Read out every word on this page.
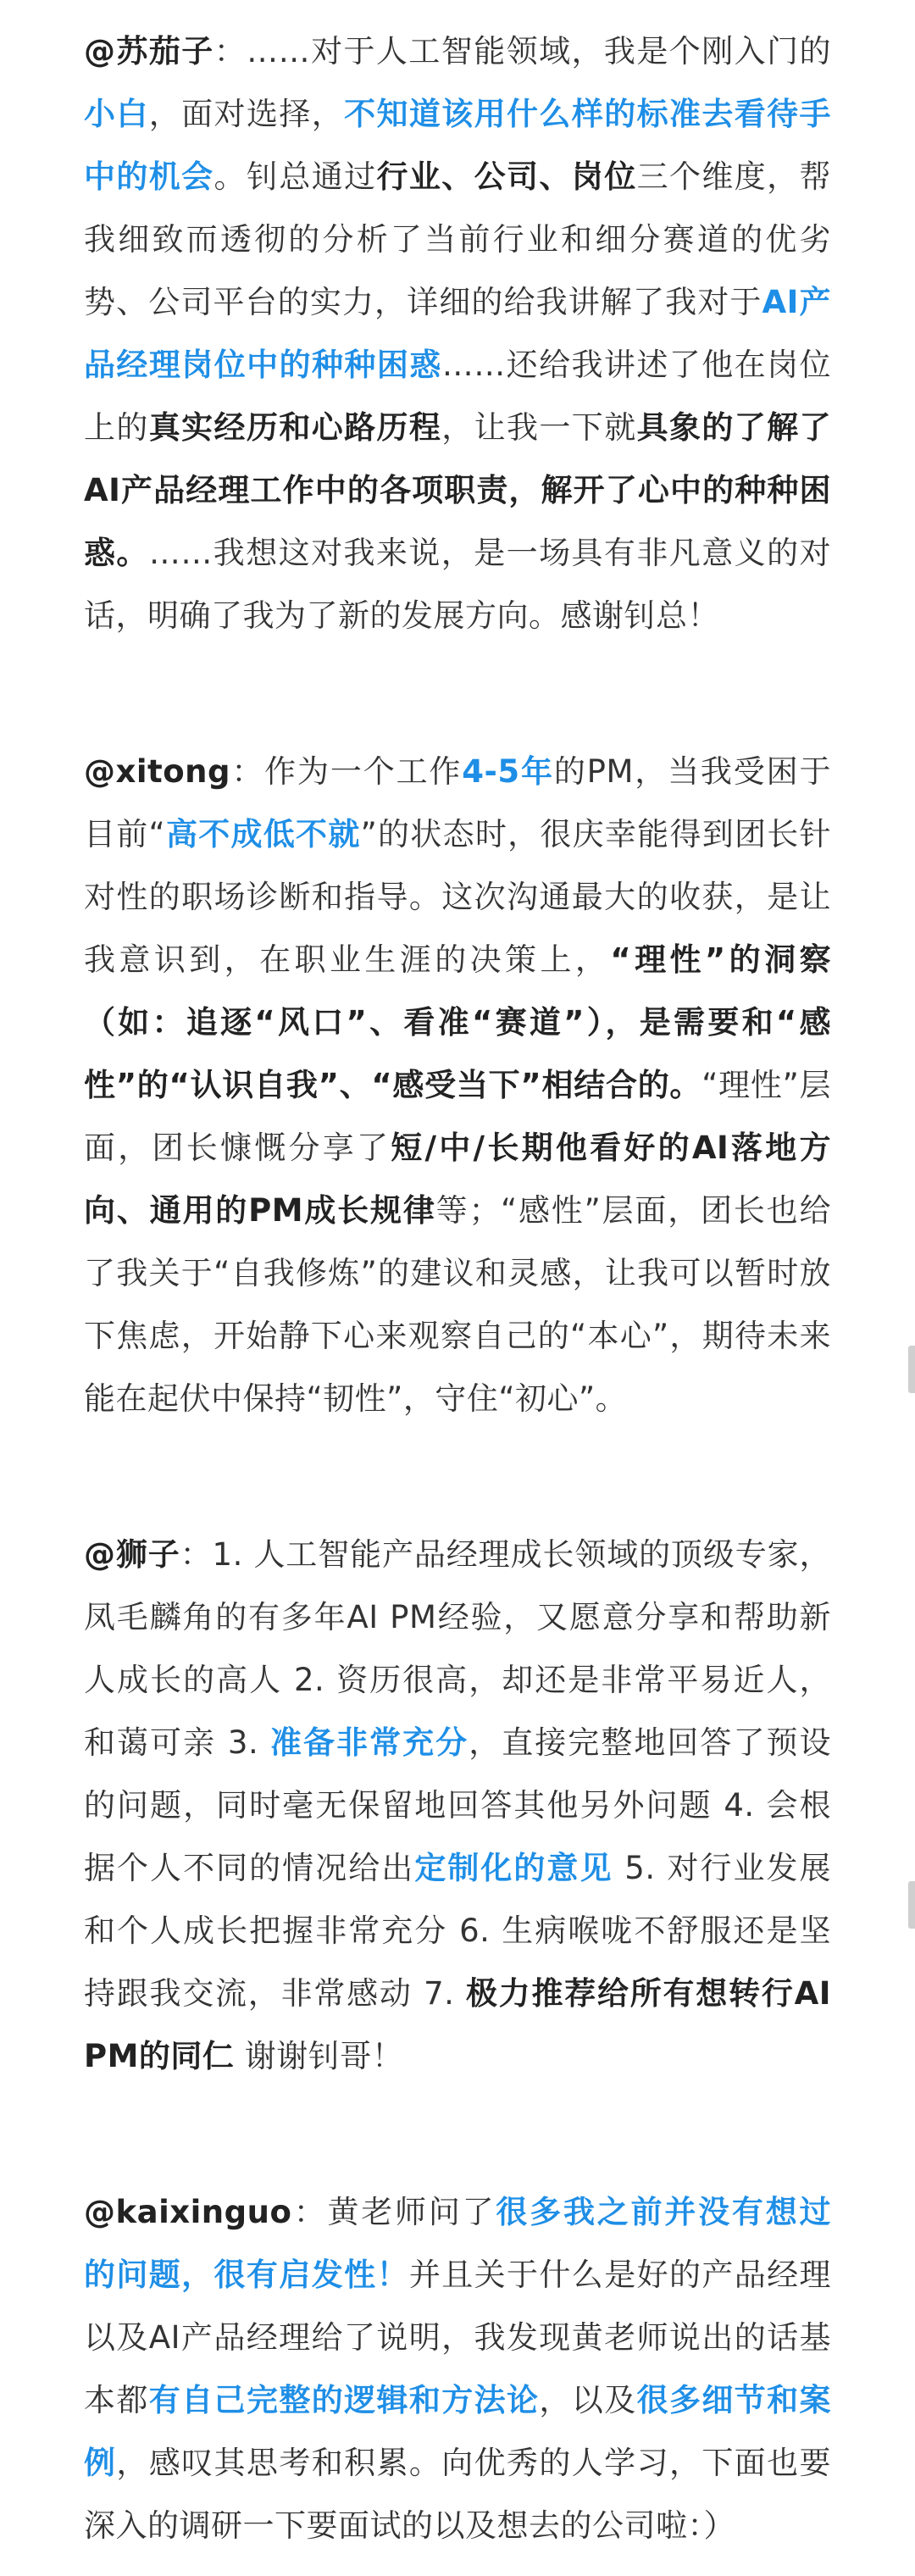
@苏茄子：……对于人工智能领域，我是个刚入门的小白，面对选择，不知道该用什么样的标准去看待手中的机会。钊总通过行业、公司、岗位三个维度，帮我细致而透彻的分析了当前行业和细分赛道的优劣势、公司平台的实力，详细的给我讲解了我对于AI产品经理岗位中的种种困惑……还给我讲述了他在岗位上的真实经历和心路历程，让我一下就具象的了解了AI产品经理工作中的各项职责，解开了心中的种种困惑。……我想这对我来说，是一场具有非凡意义的对话，明确了我为了新的发展方向。感谢钊总！

@xitong：作为一个工作4-5年的PM，当我受困于目前“高不成低不就”的状态时，很庆幸能得到团长针对性的职场诊断和指导。这次沟通最大的收获，是让我意识到，在职业生涯的决策上，“理性”的洞察（如：追逐“风口”、看准“赛道”），是需要和“感性”的“认识自我”、“感受当下”相结合的。“理性”层面，团长慷慨分享了短/中/长期他看好的AI落地方向、通用的PM成长规律等；“感性”层面，团长也给了我关于“自我修炼”的建议和灵感，让我可以暂时放下焦虑，开始静下心来观察自己的“本心”，期待未来能在起伏中保持“韧性”，守住“初心”。

@狮子：1. 人工智能产品经理成长领域的顶级专家，凤毛麟角的有多年AI PM经验，又愿意分享和帮助新人成长的高人 2. 资历很高，却还是非常平易近人，和蔼可亲 3. 准备非常充分，直接完整地回答了预设的问题，同时毫无保留地回答其他另外问题 4. 会根据个人不同的情况给出定制化的意见 5. 对行业发展和个人成长把握非常充分 6. 生病喉咙不舒服还是坚持跟我交流，非常感动 7. 极力推荐给所有想转行AI PM的同仁 谢谢钊哥！

@kaixinguo：黄老师问了很多我之前并没有想过的问题，很有启发性！并且关于什么是好的产品经理以及AI产品经理给了说明，我发现黄老师说出的话基本都有自己完整的逻辑和方法论，以及很多细节和案例，感叹其思考和积累。向优秀的人学习，下面也要深入的调研一下要面试的以及想去的公司啦：）
